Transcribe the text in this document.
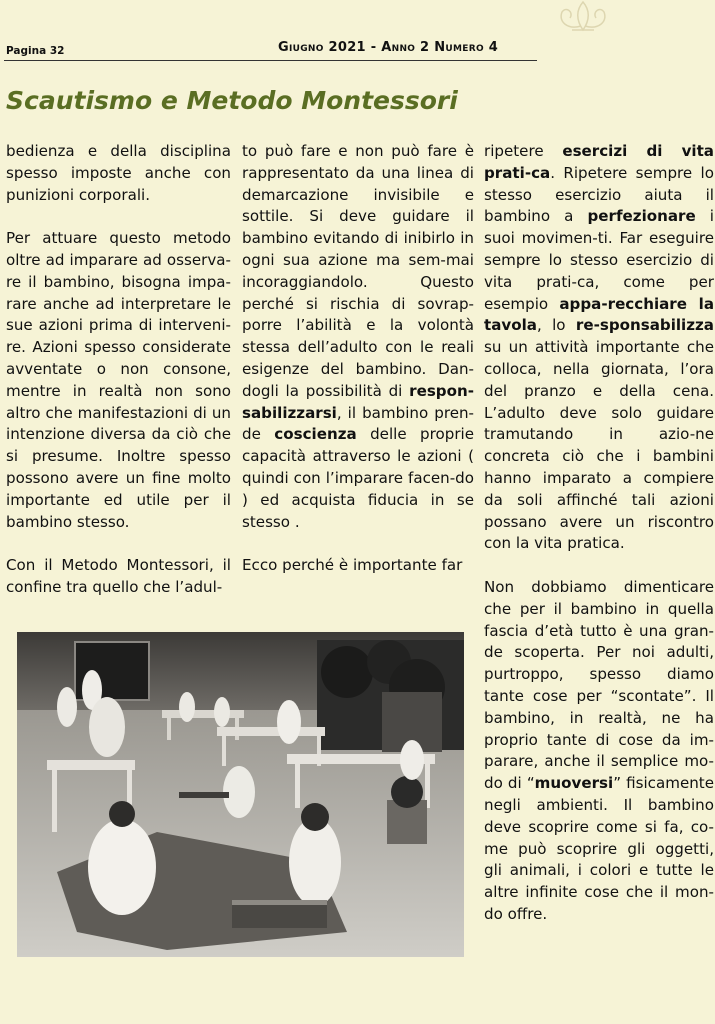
Pagina 32	Giugno 2021 - Anno 2 Numero 4
Scautismo e Metodo Montessori

bedienza e della disciplina spesso imposte anche con punizioni corporali.

Per attuare questo metodo oltre ad imparare ad osserva-re il bambino, bisogna impa-rare anche ad interpretare le sue azioni prima di interveni-re. Azioni spesso considerate avventate o non consone, mentre in realtà non sono altro che manifestazioni di un intenzione diversa da ciò che si presume. Inoltre spesso possono avere un fine molto importante ed utile per il bambino stesso.

Con il Metodo Montessori, il confine tra quello che l’adul-

to può fare e non può fare è rappresentato da una linea di demarcazione invisibile e sottile. Si deve guidare il bambino evitando di inibirlo in ogni sua azione ma sem-mai incoraggiandolo. Questo perché si rischia di sovrap-porre l’abilità e la volontà stessa dell’adulto con le reali esigenze del bambino. Dan-dogli la possibilità di respon-sabilizzarsi, il bambino pren-de coscienza delle proprie capacità attraverso le azioni ( quindi con l’imparare facen-do ) ed acquista fiducia in se stesso .

Ecco perché è importante far

ripetere esercizi di vita prati-ca. Ripetere sempre lo stesso esercizio aiuta il bambino a perfezionare i suoi movimen-ti. Far eseguire sempre lo stesso esercizio di vita prati-ca, come per esempio appa-recchiare la tavola, lo re-sponsabilizza su un attività importante che colloca, nella giornata, l’ora del pranzo e della cena. L’adulto deve solo guidare tramutando in azio-ne concreta ciò che i bambini hanno imparato a compiere da soli affinché tali azioni possano avere un riscontro con la vita pratica.

Non dobbiamo dimenticare che per il bambino in quella fascia d’età tutto è una gran-de scoperta. Per noi adulti, purtroppo, spesso diamo tante cose per “scontate”. Il bambino, in realtà, ne ha proprio tante di cose da im-parare, anche il semplice mo-do di “muoversi” fisicamente negli ambienti. Il bambino deve scoprire come si fa, co-me può scoprire gli oggetti, gli animali, i colori e tutte le altre infinite cose che il mon-do offre.
